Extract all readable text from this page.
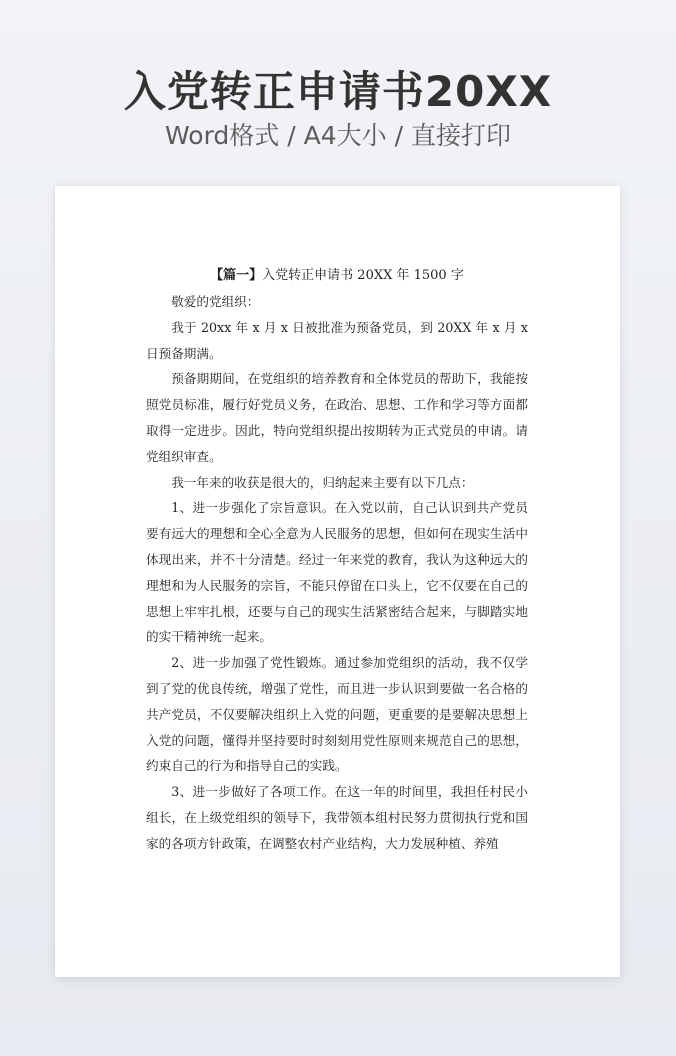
入党转正申请书20XX
Word格式 / A4大小 / 直接打印
【篇一】入党转正申请书 20XX 年 1500 字

敬爱的党组织：

我于 20xx 年 x 月 x 日被批准为预备党员，到 20XX 年 x 月 x 日预备期满。

预备期期间，在党组织的培养教育和全体党员的帮助下，我能按照党员标准，履行好党员义务，在政治、思想、工作和学习等方面都取得一定进步。因此，特向党组织提出按期转为正式党员的申请。请党组织审查。

我一年来的收获是很大的，归纳起来主要有以下几点：

1、进一步强化了宗旨意识。在入党以前，自己认识到共产党员要有远大的理想和全心全意为人民服务的思想，但如何在现实生活中体现出来，并不十分清楚。经过一年来党的教育，我认为这种远大的理想和为人民服务的宗旨，不能只停留在口头上，它不仅要在自己的思想上牢牢扎根，还要与自己的现实生活紧密结合起来，与脚踏实地的实干精神统一起来。

2、进一步加强了党性锻炼。通过参加党组织的活动，我不仅学到了党的优良传统，增强了党性，而且进一步认识到要做一名合格的共产党员，不仅要解决组织上入党的问题，更重要的是要解决思想上入党的问题，懂得并坚持要时时刻刻用党性原则来规范自己的思想，约束自己的行为和指导自己的实践。

3、进一步做好了各项工作。在这一年的时间里，我担任村民小组长，在上级党组织的领导下，我带领本组村民努力贯彻执行党和国家的各项方针政策，在调整农村产业结构，大力发展种植、养殖
